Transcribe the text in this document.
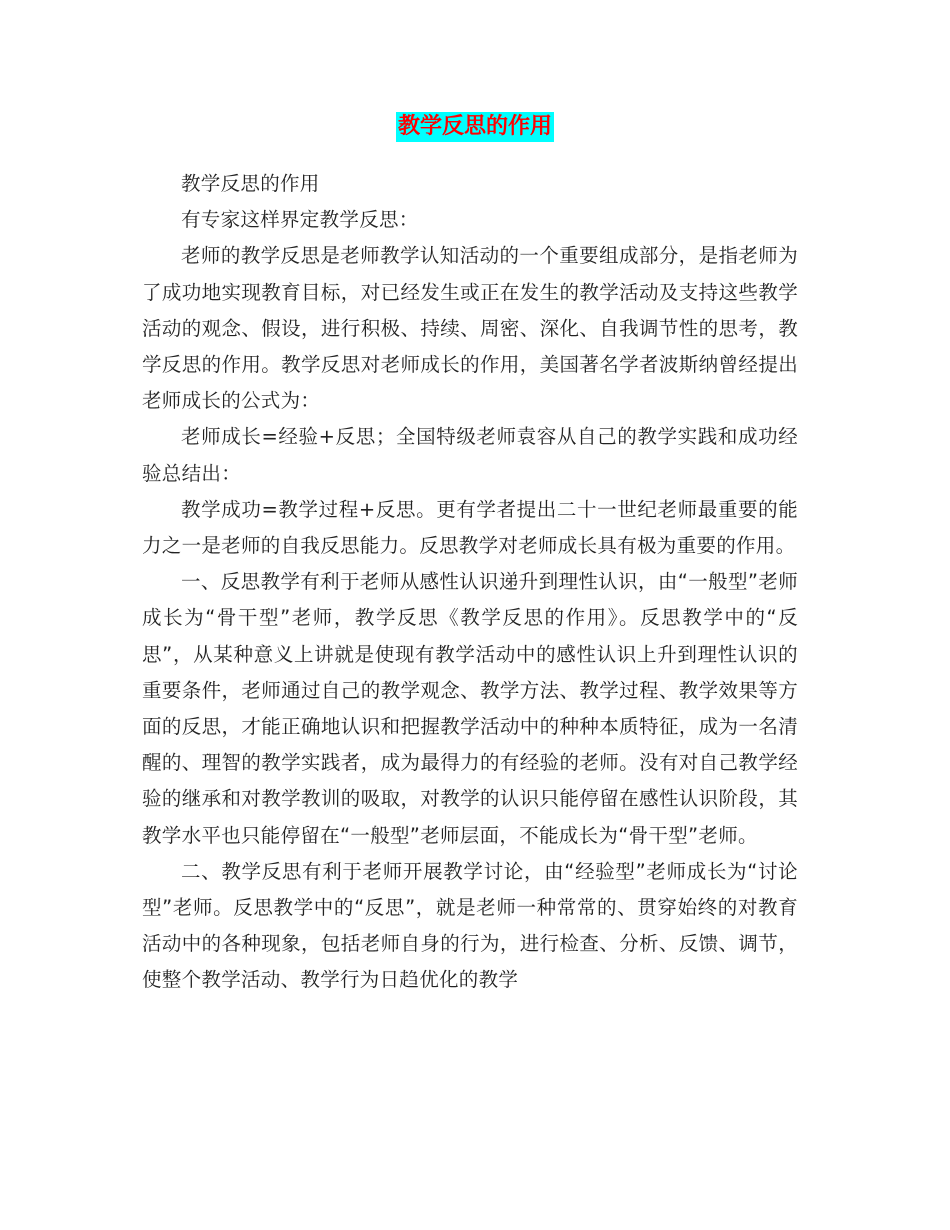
教学反思的作用

教学反思的作用

有专家这样界定教学反思：

老师的教学反思是老师教学认知活动的一个重要组成部分，是指老师为了成功地实现教育目标，对已经发生或正在发生的教学活动及支持这些教学活动的观念、假设，进行积极、持续、周密、深化、自我调节性的思考，教学反思的作用。教学反思对老师成长的作用，美国著名学者波斯纳曾经提出老师成长的公式为：

老师成长=经验+反思；全国特级老师袁容从自己的教学实践和成功经验总结出：

教学成功=教学过程+反思。更有学者提出二十一世纪老师最重要的能力之一是老师的自我反思能力。反思教学对老师成长具有极为重要的作用。

一、反思教学有利于老师从感性认识递升到理性认识，由“一般型”老师成长为“骨干型”老师，教学反思《教学反思的作用》。反思教学中的“反思”，从某种意义上讲就是使现有教学活动中的感性认识上升到理性认识的重要条件，老师通过自己的教学观念、教学方法、教学过程、教学效果等方面的反思，才能正确地认识和把握教学活动中的种种本质特征，成为一名清醒的、理智的教学实践者，成为最得力的有经验的老师。没有对自己教学经验的继承和对教学教训的吸取，对教学的认识只能停留在感性认识阶段，其教学水平也只能停留在“一般型”老师层面，不能成长为“骨干型”老师。

二、教学反思有利于老师开展教学讨论，由“经验型”老师成长为“讨论型”老师。反思教学中的“反思”，就是老师一种常常的、贯穿始终的对教育活动中的各种现象，包括老师自身的行为，进行检查、分析、反馈、调节，使整个教学活动、教学行为日趋优化的教学
